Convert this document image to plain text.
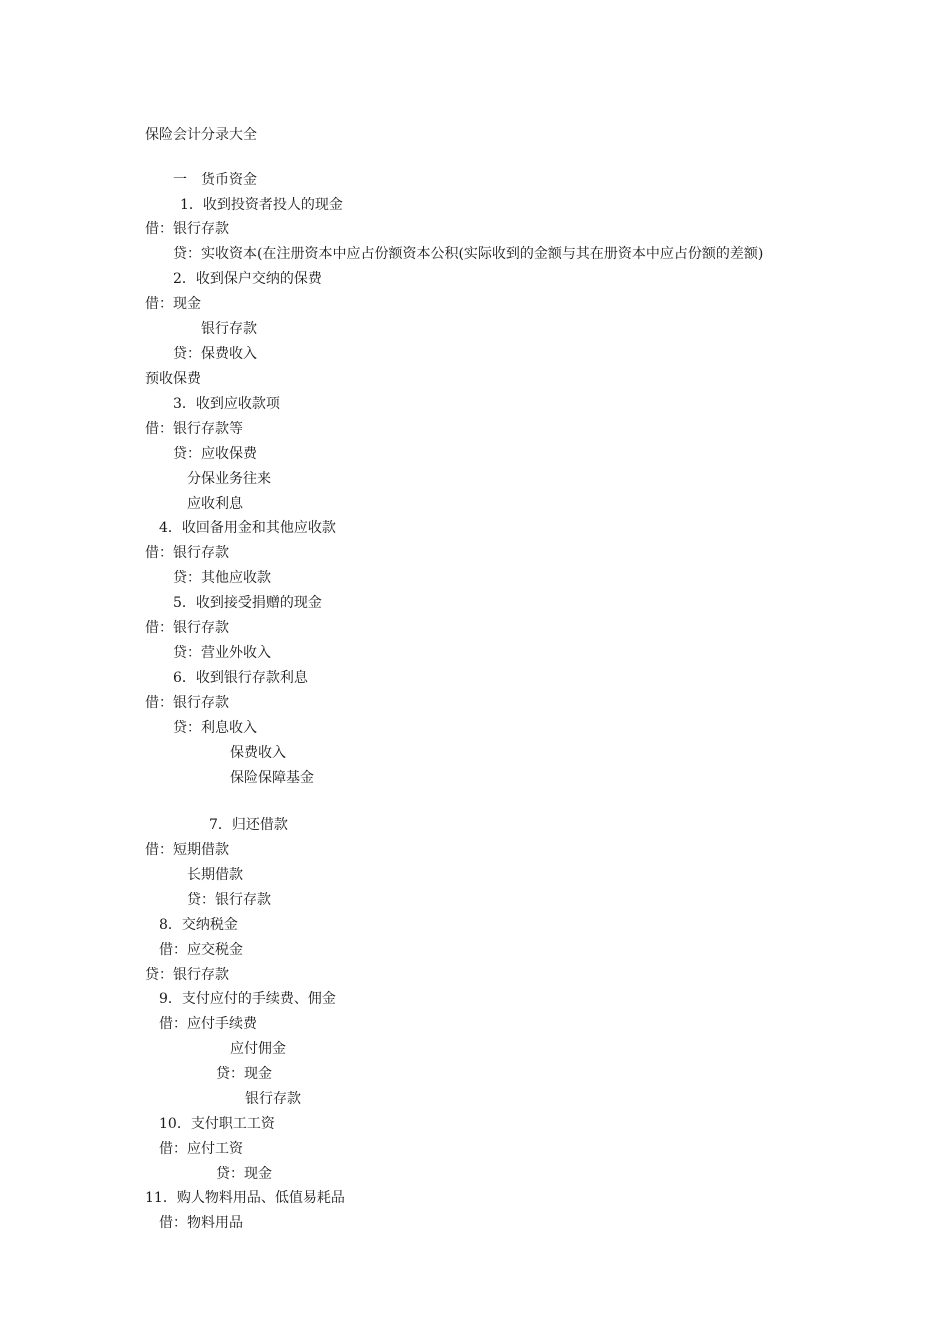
保险会计分录大全
一　货币资金
1．收到投资者投人的现金
借：银行存款
贷：实收资本(在注册资本中应占份额资本公积(实际收到的金额与其在册资本中应占份额的差额)
2．收到保户交纳的保费
借：现金
银行存款
贷：保费收入
预收保费
3．收到应收款项
借：银行存款等
贷：应收保费
分保业务往来
应收利息
4．收回备用金和其他应收款
借：银行存款
贷：其他应收款
5．收到接受捐赠的现金
借：银行存款
贷：营业外收入
6．收到银行存款利息
借：银行存款
贷：利息收入
保费收入
保险保障基金
7．归还借款
借：短期借款
长期借款
贷：银行存款
8．交纳税金
借：应交税金
贷：银行存款
9．支付应付的手续费、佣金
借：应付手续费
应付佣金
贷：现金
银行存款
10．支付职工工资
借：应付工资
贷：现金
11．购人物料用品、低值易耗品
借：物料用品
